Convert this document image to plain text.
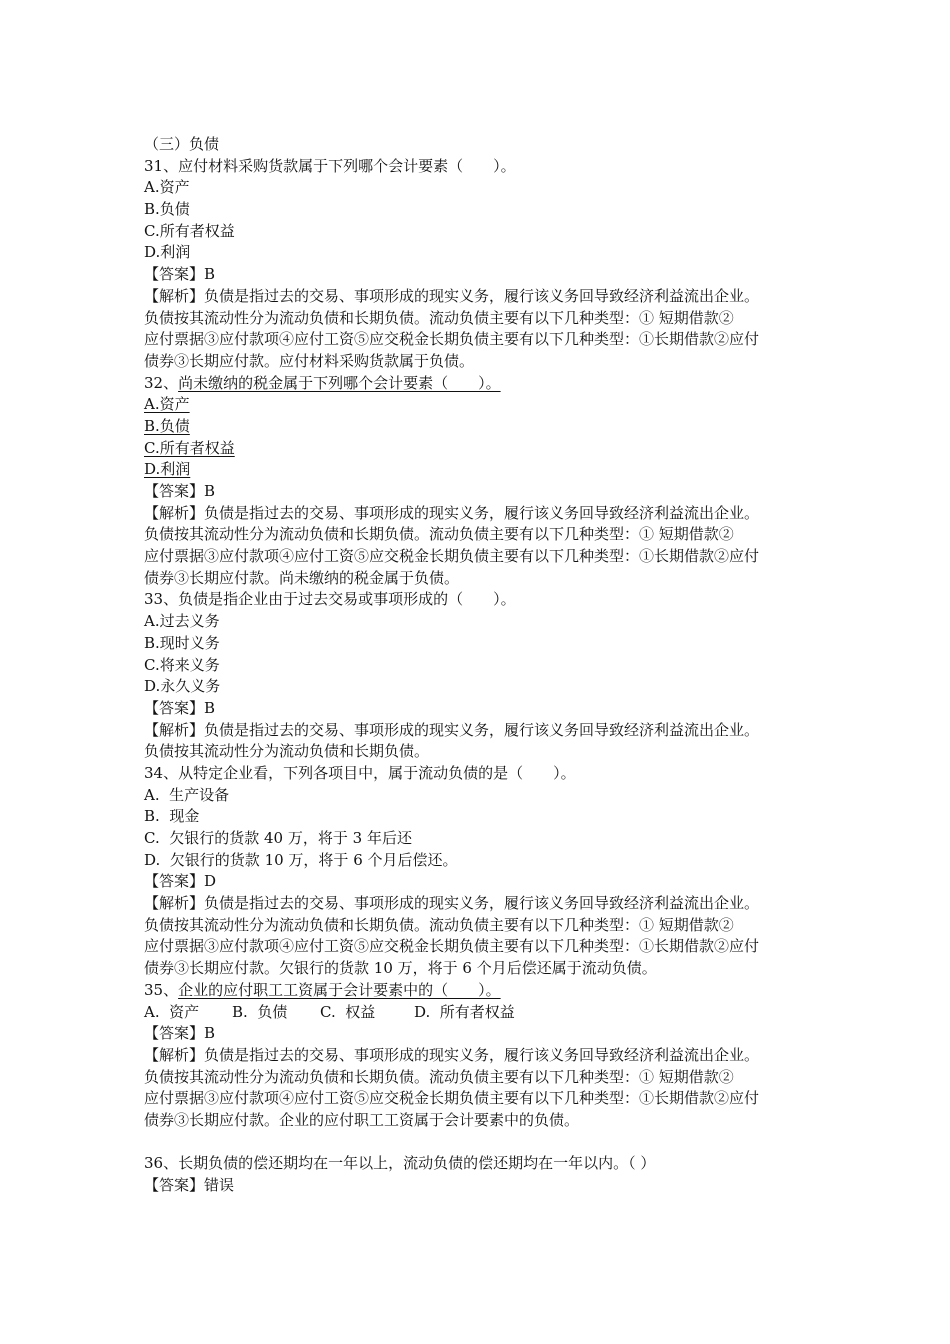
（三）负债
31、应付材料采购货款属于下列哪个会计要素（　　）。
A.资产
B.负债
C.所有者权益
D.利润
【答案】B
【解析】负债是指过去的交易、事项形成的现实义务，履行该义务回导致经济利益流出企业。
负债按其流动性分为流动负债和长期负债。流动负债主要有以下几种类型：① 短期借款②
应付票据③应付款项④应付工资⑤应交税金长期负债主要有以下几种类型：①长期借款②应付
债券③长期应付款。应付材料采购货款属于负债。
32、尚未缴纳的税金属于下列哪个会计要素（　　）。
A.资产
B.负债
C.所有者权益
D.利润
【答案】B
【解析】负债是指过去的交易、事项形成的现实义务，履行该义务回导致经济利益流出企业。
负债按其流动性分为流动负债和长期负债。流动负债主要有以下几种类型：① 短期借款②
应付票据③应付款项④应付工资⑤应交税金长期负债主要有以下几种类型：①长期借款②应付
债券③长期应付款。尚未缴纳的税金属于负债。
33、负债是指企业由于过去交易或事项形成的（　　）。
A.过去义务
B.现时义务
C.将来义务
D.永久义务
【答案】B
【解析】负债是指过去的交易、事项形成的现实义务，履行该义务回导致经济利益流出企业。
负债按其流动性分为流动负债和长期负债。
34、从特定企业看，下列各项目中，属于流动负债的是（　　）。
A.  生产设备
B.  现金
C.  欠银行的货款 40 万，将于 3 年后还
D.  欠银行的货款 10 万，将于 6 个月后偿还。
【答案】D
【解析】负债是指过去的交易、事项形成的现实义务，履行该义务回导致经济利益流出企业。
负债按其流动性分为流动负债和长期负债。流动负债主要有以下几种类型：① 短期借款②
应付票据③应付款项④应付工资⑤应交税金长期负债主要有以下几种类型：①长期借款②应付
债券③长期应付款。欠银行的货款 10 万，将于 6 个月后偿还属于流动负债。
35、企业的应付职工工资属于会计要素中的（　　）。
A.  资产 B.  负债 C.  权益	D.  所有者权益
【答案】B
【解析】负债是指过去的交易、事项形成的现实义务，履行该义务回导致经济利益流出企业。
负债按其流动性分为流动负债和长期负债。流动负债主要有以下几种类型：① 短期借款②
应付票据③应付款项④应付工资⑤应交税金长期负债主要有以下几种类型：①长期借款②应付
债券③长期应付款。企业的应付职工工资属于会计要素中的负债。
36、长期负债的偿还期均在一年以上，流动负债的偿还期均在一年以内。（ ）
【答案】错误
